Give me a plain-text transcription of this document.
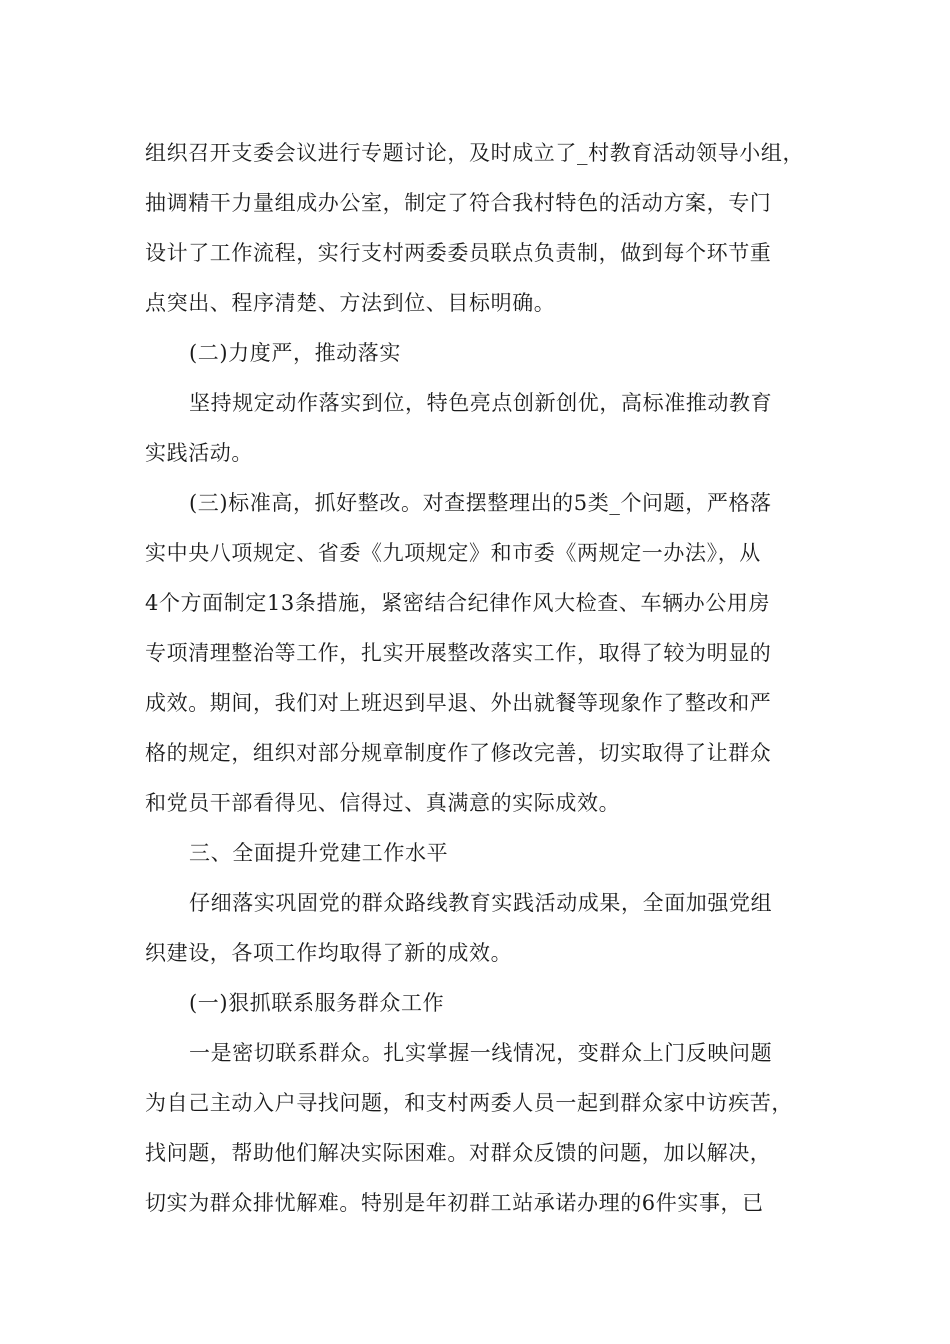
组织召开支委会议进行专题讨论，及时成立了_村教育活动领导小组，
抽调精干力量组成办公室，制定了符合我村特色的活动方案，专门
设计了工作流程，实行支村两委委员联点负责制，做到每个环节重
点突出、程序清楚、方法到位、目标明确。
(二)力度严，推动落实
坚持规定动作落实到位，特色亮点创新创优，高标准推动教育
实践活动。
(三)标准高，抓好整改。对查摆整理出的5类_个问题，严格落
实中央八项规定、省委《九项规定》和市委《两规定一办法》，从
4个方面制定13条措施，紧密结合纪律作风大检查、车辆办公用房
专项清理整治等工作，扎实开展整改落实工作，取得了较为明显的
成效。期间，我们对上班迟到早退、外出就餐等现象作了整改和严
格的规定，组织对部分规章制度作了修改完善，切实取得了让群众
和党员干部看得见、信得过、真满意的实际成效。
三、全面提升党建工作水平
仔细落实巩固党的群众路线教育实践活动成果，全面加强党组
织建设，各项工作均取得了新的成效。
(一)狠抓联系服务群众工作
一是密切联系群众。扎实掌握一线情况，变群众上门反映问题
为自己主动入户寻找问题，和支村两委人员一起到群众家中访疾苦，
找问题，帮助他们解决实际困难。对群众反馈的问题，加以解决，
切实为群众排忧解难。特别是年初群工站承诺办理的6件实事，已
